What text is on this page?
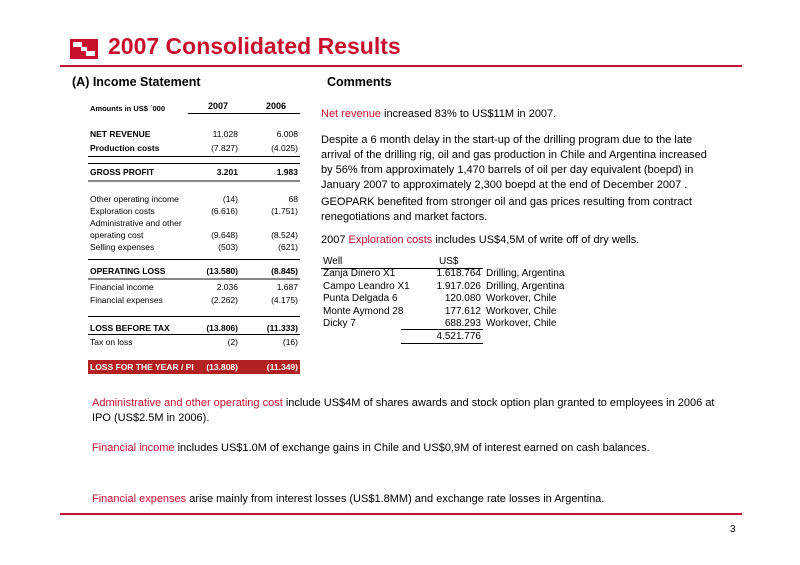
2007 Consolidated Results
(A) Income Statement	Comments
Amounts in US$ ´000	2007	2006
NET REVENUE	11.028	6.008
Production costs	(7.827)	(4.025)
GROSS PROFIT	3.201	1.983
Other operating income	(14)	68
Exploration costs	(6.616)	(1.751)
Administrative and other
operating cost	(9.648)	(8.524)
Selling expenses	(503)	(621)
OPERATING LOSS	(13.580)	(8.845)
Financial income	2.036	1.687
Financial expenses	(2.262)	(4.175)
LOSS BEFORE TAX	(13.806)	(11.333)
Tax on loss	(2)	(16)
LOSS FOR THE YEAR / PI (13.808)	(11.349)
Net revenue increased 83% to US$11M in 2007.
Despite a 6 month delay in the start-up of the drilling program due to the late arrival of the drilling rig, oil and gas production in Chile and Argentina increased by 56% from approximately 1,470 barrels of oil per day equivalent (boepd) in January 2007 to approximately 2,300 boepd at the end of December 2007 .
GEOPARK benefited from stronger oil and gas prices resulting from contract renegotiations and market factors.
2007 Exploration costs includes US$4,5M of write off of dry wells.
Well	US$
Zanja Dinero X1	1.618.764 Drilling, Argentina
Campo Leandro X1	1.917.026 Drilling, Argentina
Punta Delgada 6	120.080 Workover, Chile
Monte Aymond 28	177.612 Workover, Chile
Dicky 7	688.293 Workover, Chile
4.521.776
Administrative and other operating cost include US$4M of shares awards and stock option plan granted to employees in 2006 at IPO (US$2.5M in 2006).
Financial income includes US$1.0M of exchange gains in Chile and US$0,9M of interest earned on cash balances.
Financial expenses arise mainly from interest losses (US$1.8MM) and exchange rate losses in Argentina.
3
